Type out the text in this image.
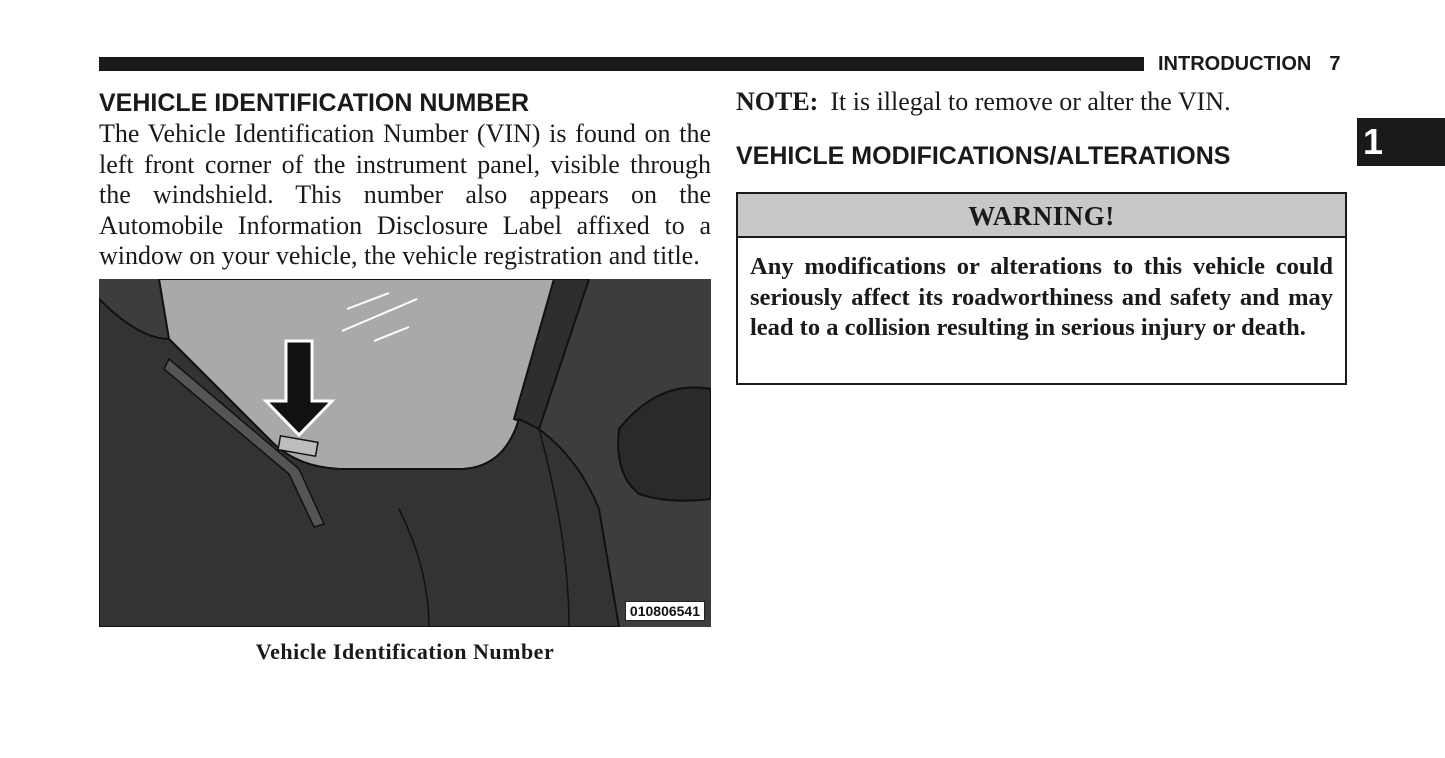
INTRODUCTION 7
1
VEHICLE IDENTIFICATION NUMBER
The Vehicle Identification Number (VIN) is found on the left front corner of the instrument panel, visible through the windshield. This number also appears on the Automobile Information Disclosure Label affixed to a window on your vehicle, the vehicle registration and title.
010806541
Vehicle Identification Number
NOTE: It is illegal to remove or alter the VIN.
VEHICLE MODIFICATIONS/ALTERATIONS
WARNING!
Any modifications or alterations to this vehicle could seriously affect its roadworthiness and safety and may lead to a collision resulting in serious injury or death.
